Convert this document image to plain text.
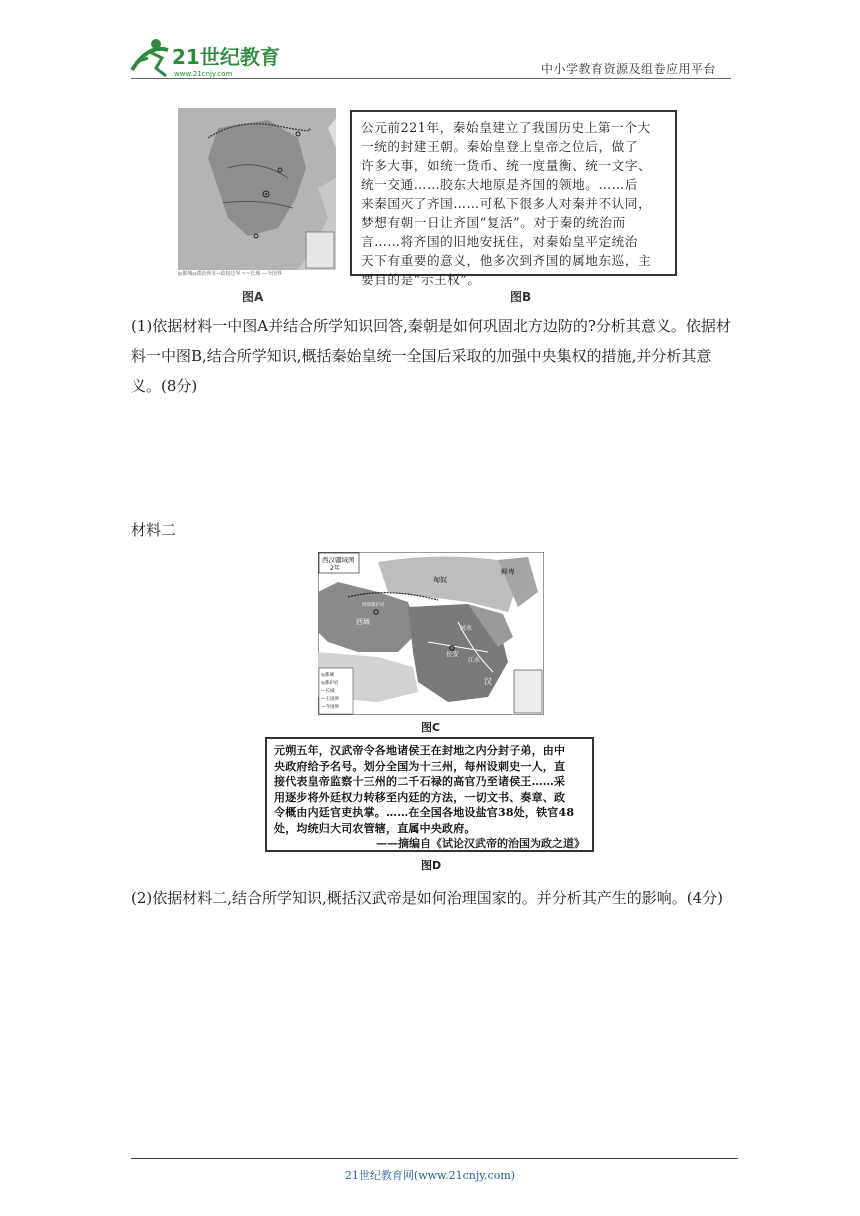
21世纪教育
www.21cnjy.com	中小学教育资源及组卷应用平台
◎都城◎郡治所在--政权边界 ~~长城 —今国界
图A
公元前221年，秦始皇建立了我国历史上第一个大
一统的封建王朝。秦始皇登上皇帝之位后，做了
许多大事，如统一货币、统一度量衡、统一文字、
统一交通……胶东大地原是齐国的领地。……后
来秦国灭了齐国……可私下很多人对秦并不认同，
梦想有朝一日让齐国“复活”。对于秦的统治而
言……将齐国的旧地安抚住，对秦始皇平定统治
天下有重要的意义，他多次到齐国的属地东巡，主
要目的是“示王权”。
图B
(1)依据材料一中图A并结合所学知识回答,秦朝是如何巩固北方边防的?分析其意义。依据材料一中图B,结合所学知识,概括秦始皇统一全国后采取的加强中央集权的措施,并分析其意义。(8分)
材料二
西汉疆域图
2年	鲜卑
匈奴
西域
西域都护府
长安
江水
河水
汉
◎都城
◎都护府
—长城
—王国界
—今国界
图C
元朔五年，汉武帝令各地诸侯王在封地之内分封子弟，由中
央政府给予名号。划分全国为十三州，每州设刺史一人，直
接代表皇帝监察十三州的二千石禄的高官乃至诸侯王……采
用逐步将外廷权力转移至内廷的方法，一切文书、奏章、政
令概由内廷官吏执掌。……在全国各地设盐官38处，铁官48
处，均统归大司农管辖，直属中央政府。
——摘编自《试论汉武帝的治国为政之道》
图D
(2)依据材料二,结合所学知识,概括汉武帝是如何治理国家的。并分析其产生的影响。(4分)
21世纪教育网(www.21cnjy.com)
